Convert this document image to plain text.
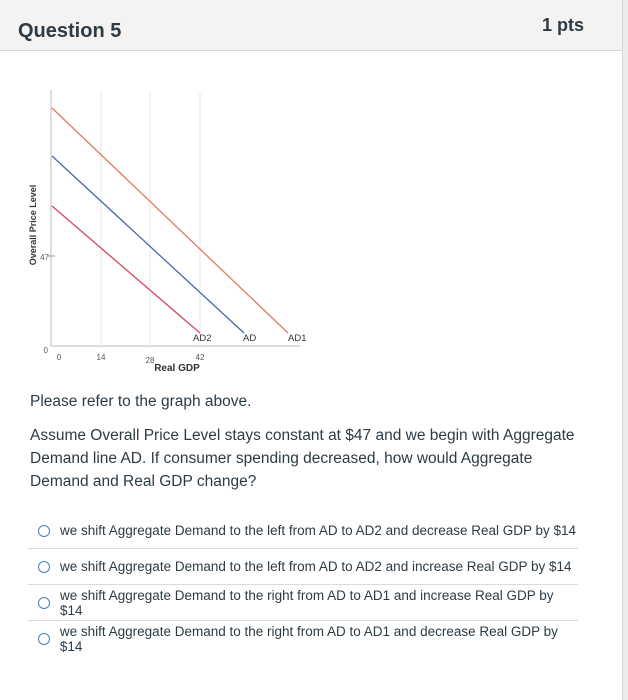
Question 5	1 pts
AD2	AD	AD1
47
0
0	14	28	42
Real GDP
Overall Price Level
Please refer to the graph above.
Assume Overall Price Level stays constant at $47 and we begin with Aggregate Demand line AD. If consumer spending decreased, how would Aggregate Demand and Real GDP change?
we shift Aggregate Demand to the left from AD to AD2 and decrease Real GDP by $14
we shift Aggregate Demand to the left from AD to AD2 and increase Real GDP by $14
we shift Aggregate Demand to the right from AD to AD1 and increase Real GDP by $14
we shift Aggregate Demand to the right from AD to AD1 and decrease Real GDP by $14
